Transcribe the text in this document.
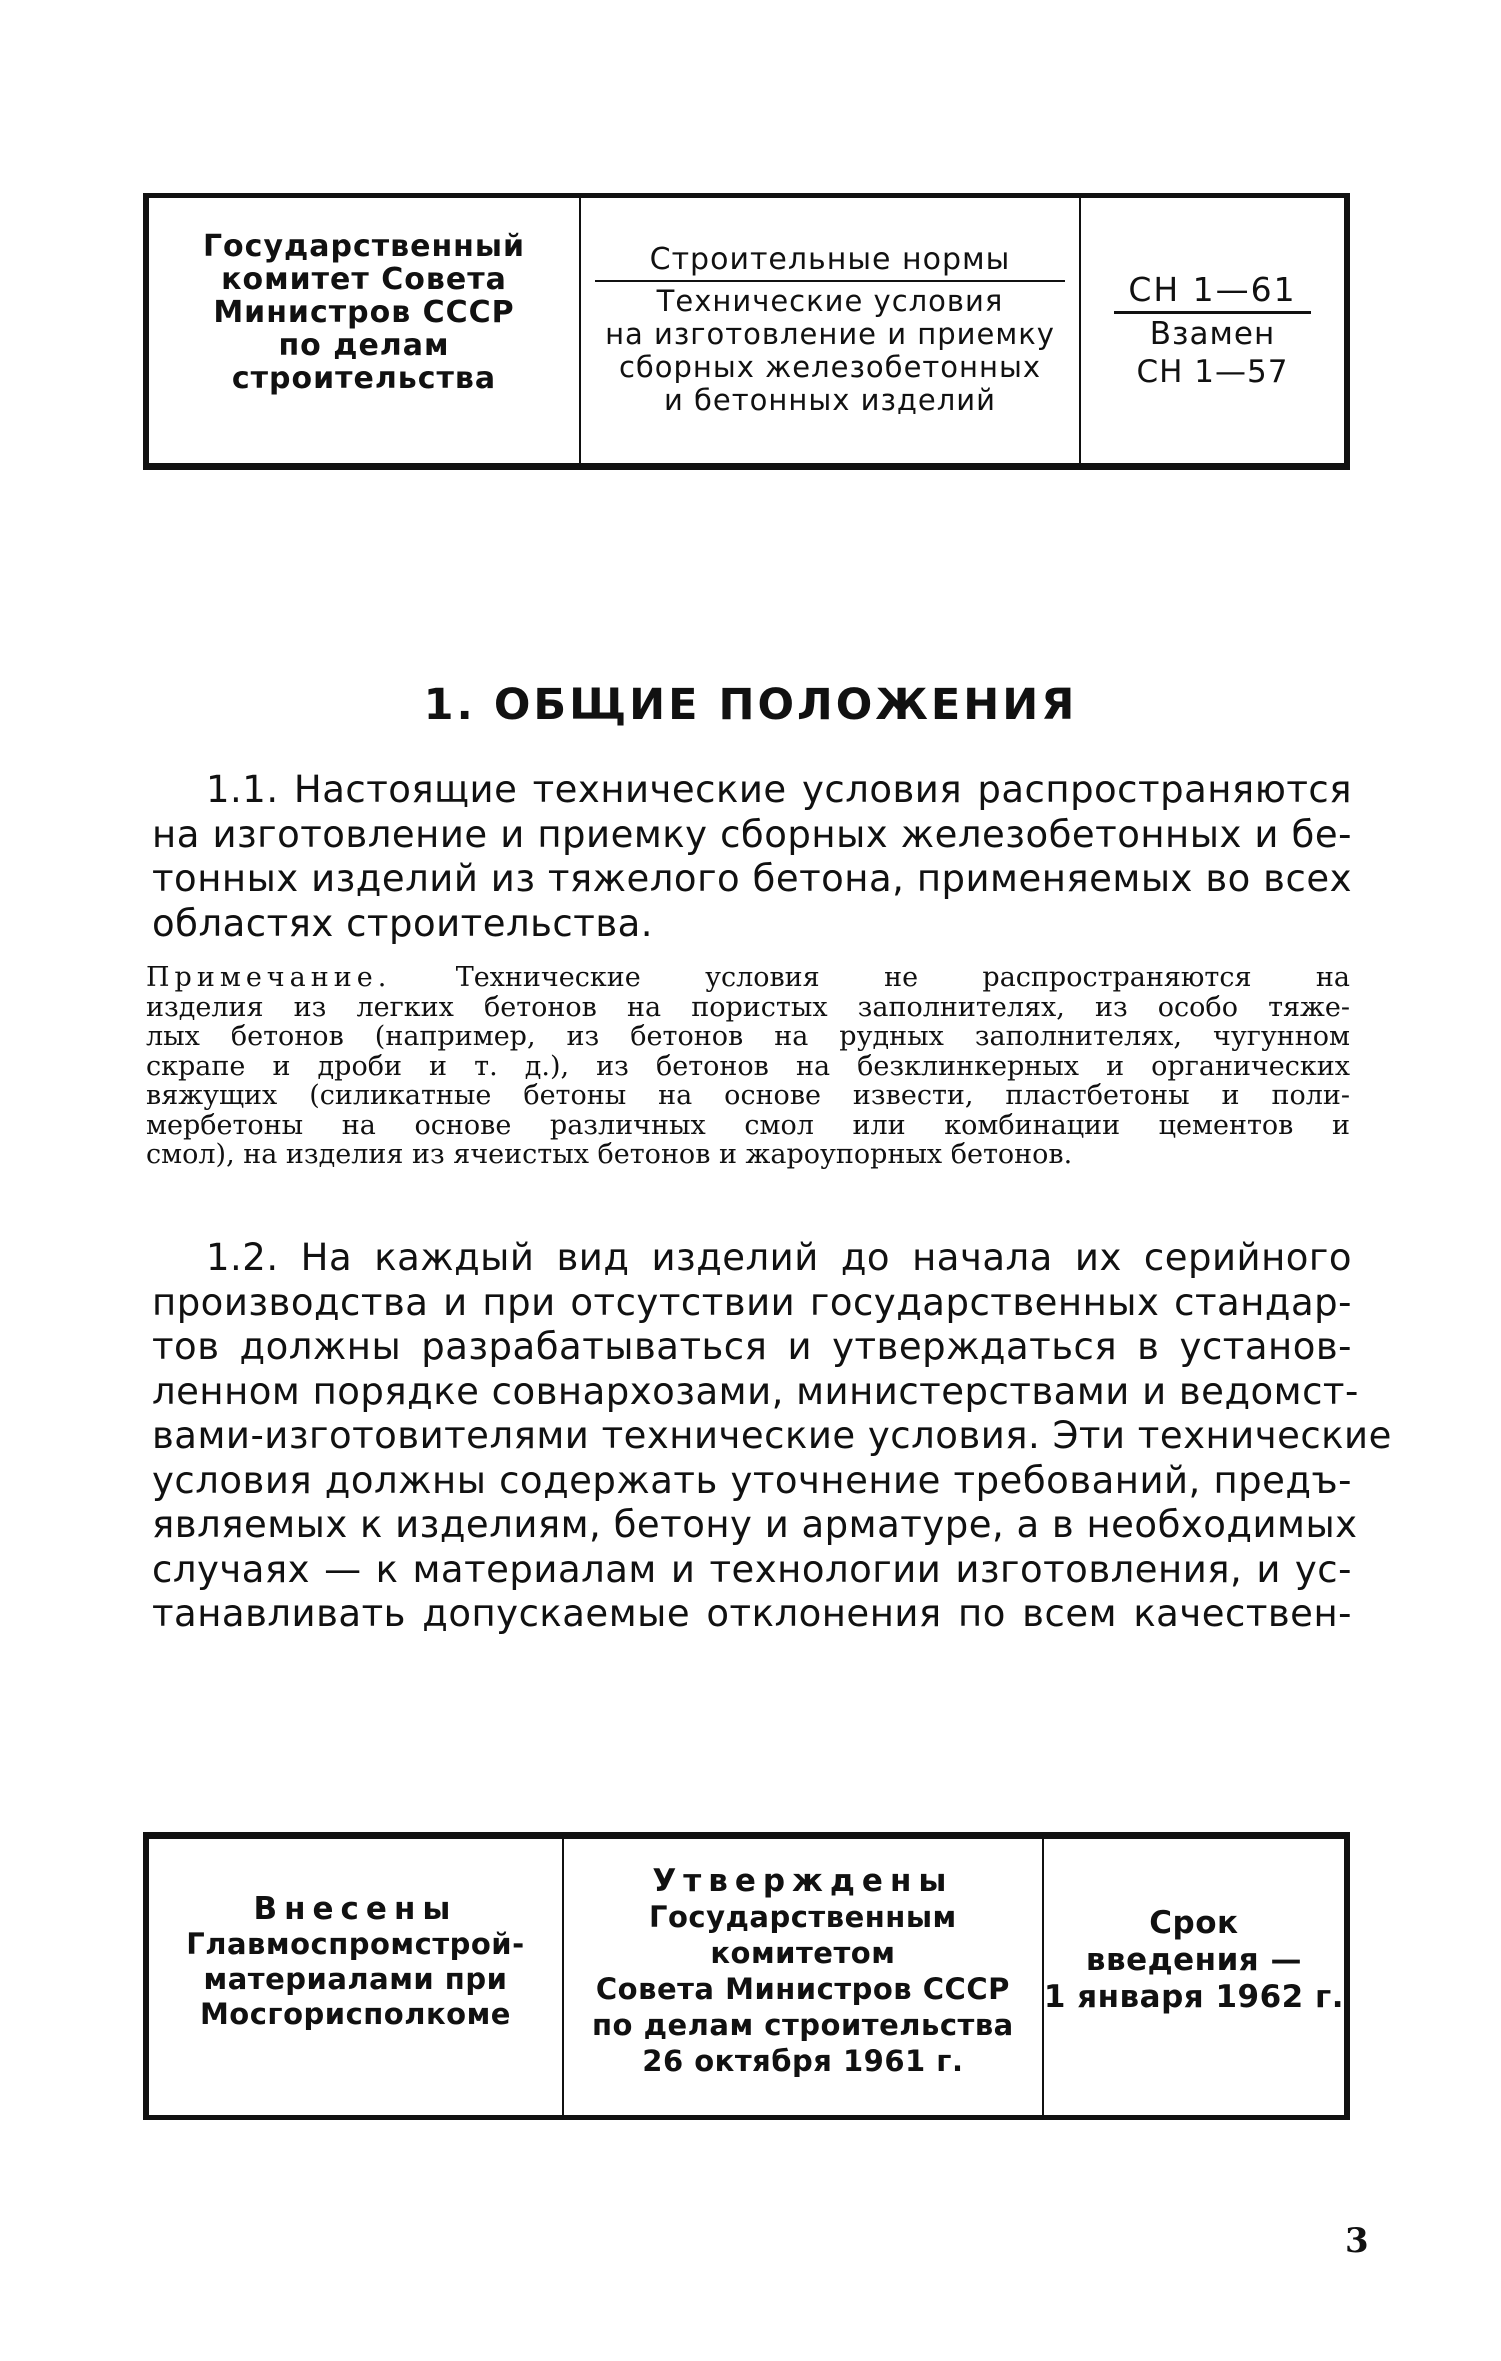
Государственный
комитет Совета
Министров СССР
по делам
строительства
Строительные нормы
Технические условия
на изготовление и приемку
сборных железобетонных
и бетонных изделий
СН 1—61
Взамен
СН 1—57
1. ОБЩИЕ ПОЛОЖЕНИЯ
1.1. Настоящие технические условия распространяются
на изготовление и приемку сборных железобетонных и бе-
тонных изделий из тяжелого бетона, применяемых во всех
областях строительства.
Примечание. Технические условия не распространяются на
изделия из легких бетонов на пористых заполнителях, из особо тяже-
лых бетонов (например, из бетонов на рудных заполнителях, чугунном
скрапе и дроби и т. д.), из бетонов на безклинкерных и органических
вяжущих (силикатные бетоны на основе извести, пластбетоны и поли-
мербетоны на основе различных смол или комбинации цементов и
смол), на изделия из ячеистых бетонов и жароупорных бетонов.
1.2. На каждый вид изделий до начала их серийного
производства и при отсутствии государственных стандар-
тов должны разрабатываться и утверждаться в установ-
ленном порядке совнархозами, министерствами и ведомст-
вами-изготовителями технические условия. Эти технические
условия должны содержать уточнение требований, предъ-
являемых к изделиям, бетону и арматуре, а в необходимых
случаях — к материалам и технологии изготовления, и ус-
танавливать допускаемые отклонения по всем качествен-
Внесены
Главмоспромстрой-
материалами при
Мосгорисполкоме
Утверждены
Государственным
комитетом
Совета Министров СССР
по делам строительства
26 октября 1961 г.
Срок
введения —
1 января 1962 г.
3
